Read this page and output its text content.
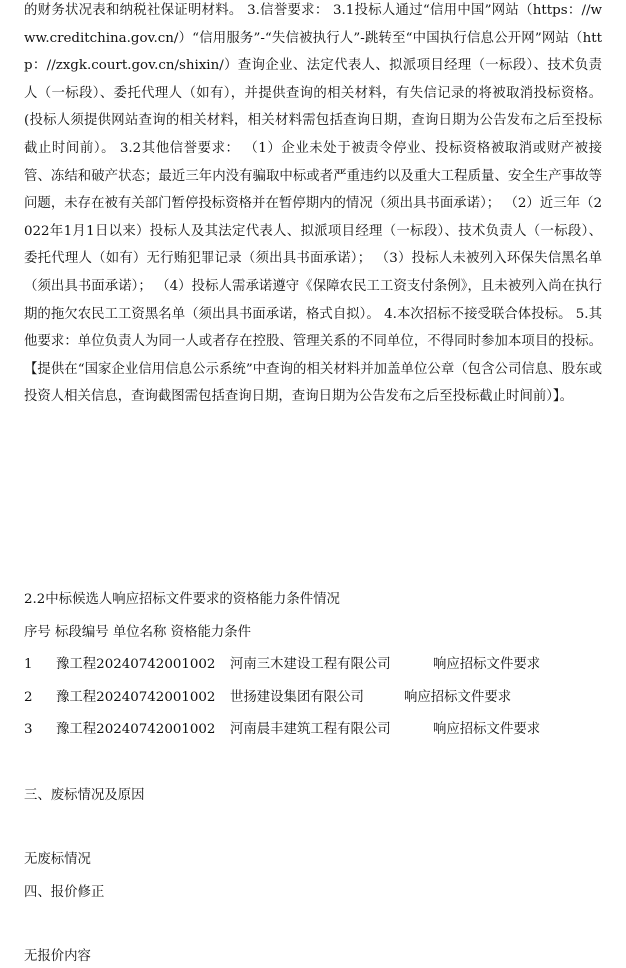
的财务状况表和纳税社保证明材料。 3.信誉要求： 3.1投标人通过“信用中国”网站（https：//www.creditchina.gov.cn/）“信用服务”-“失信被执行人”-跳转至“中国执行信息公开网”网站（http：//zxgk.court.gov.cn/shixin/）查询企业、法定代表人、拟派项目经理（一标段）、技术负责人（一标段）、委托代理人（如有），并提供查询的相关材料，有失信记录的将被取消投标资格。(投标人须提供网站查询的相关材料，相关材料需包括查询日期，查询日期为公告发布之后至投标截止时间前）。 3.2其他信誉要求： （1）企业未处于被责令停业、投标资格被取消或财产被接管、冻结和破产状态；最近三年内没有骗取中标或者严重违约以及重大工程质量、安全生产事故等问题，未存在被有关部门暂停投标资格并在暂停期内的情况（须出具书面承诺）； （2）近三年（2022年1月1日以来）投标人及其法定代表人、拟派项目经理（一标段）、技术负责人（一标段）、委托代理人（如有）无行贿犯罪记录（须出具书面承诺）； （3）投标人未被列入环保失信黑名单（须出具书面承诺）； （4）投标人需承诺遵守《保障农民工工资支付条例》，且未被列入尚在执行期的拖欠农民工工资黑名单（须出具书面承诺，格式自拟）。 4.本次招标不接受联合体投标。 5.其他要求：单位负责人为同一人或者存在控股、管理关系的不同单位，不得同时参加本项目的投标。【提供在“国家企业信用信息公示系统”中查询的相关材料并加盖单位公章（包含公司信息、股东或投资人相关信息，查询截图需包括查询日期，查询日期为公告发布之后至投标截止时间前）】。

2.2中标候选人响应招标文件要求的资格能力条件情况

序号 标段编号 单位名称 资格能力条件

1 豫工程20240742001002 河南三木建设工程有限公司	响应招标文件要求
2 豫工程20240742001002 世扬建设集团有限公司	响应招标文件要求
3 豫工程20240742001002 河南晨丰建筑工程有限公司	响应招标文件要求

三、废标情况及原因

无废标情况

四、报价修正

无报价内容
